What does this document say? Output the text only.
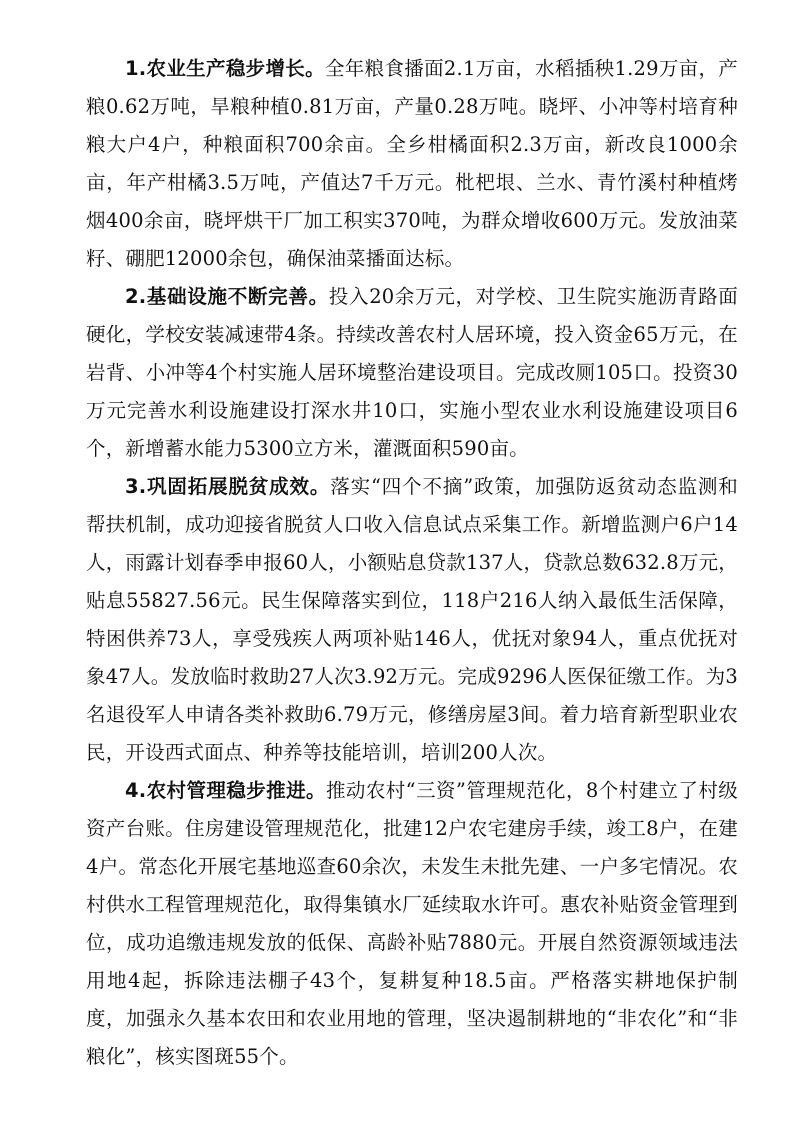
1.农业生产稳步增长。全年粮食播面2.1万亩，水稻插秧1.29万亩，产粮0.62万吨，旱粮种植0.81万亩，产量0.28万吨。晓坪、小冲等村培育种粮大户4户，种粮面积700余亩。全乡柑橘面积2.3万亩，新改良1000余亩，年产柑橘3.5万吨，产值达7千万元。枇杷垠、兰水、青竹溪村种植烤烟400余亩，晓坪烘干厂加工积实370吨，为群众增收600万元。发放油菜籽、硼肥12000余包，确保油菜播面达标。

2.基础设施不断完善。投入20余万元，对学校、卫生院实施沥青路面硬化，学校安装减速带4条。持续改善农村人居环境，投入资金65万元，在岩背、小冲等4个村实施人居环境整治建设项目。完成改厕105口。投资30万元完善水利设施建设打深水井10口，实施小型农业水利设施建设项目6个，新增蓄水能力5300立方米，灌溉面积590亩。

3.巩固拓展脱贫成效。落实“四个不摘”政策，加强防返贫动态监测和帮扶机制，成功迎接省脱贫人口收入信息试点采集工作。新增监测户6户14人，雨露计划春季申报60人，小额贴息贷款137人，贷款总数632.8万元，贴息55827.56元。民生保障落实到位，118户216人纳入最低生活保障，特困供养73人，享受残疾人两项补贴146人，优抚对象94人，重点优抚对象47人。发放临时救助27人次3.92万元。完成9296人医保征缴工作。为3名退役军人申请各类补救助6.79万元，修缮房屋3间。着力培育新型职业农民，开设西式面点、种养等技能培训，培训200人次。

4.农村管理稳步推进。推动农村“三资”管理规范化，8个村建立了村级资产台账。住房建设管理规范化，批建12户农宅建房手续，竣工8户，在建4户。常态化开展宅基地巡查60余次，未发生未批先建、一户多宅情况。农村供水工程管理规范化，取得集镇水厂延续取水许可。惠农补贴资金管理到位，成功追缴违规发放的低保、高龄补贴7880元。开展自然资源领域违法用地4起，拆除违法棚子43个，复耕复种18.5亩。严格落实耕地保护制度，加强永久基本农田和农业用地的管理，坚决遏制耕地的“非农化”和“非粮化”，核实图斑55个。
